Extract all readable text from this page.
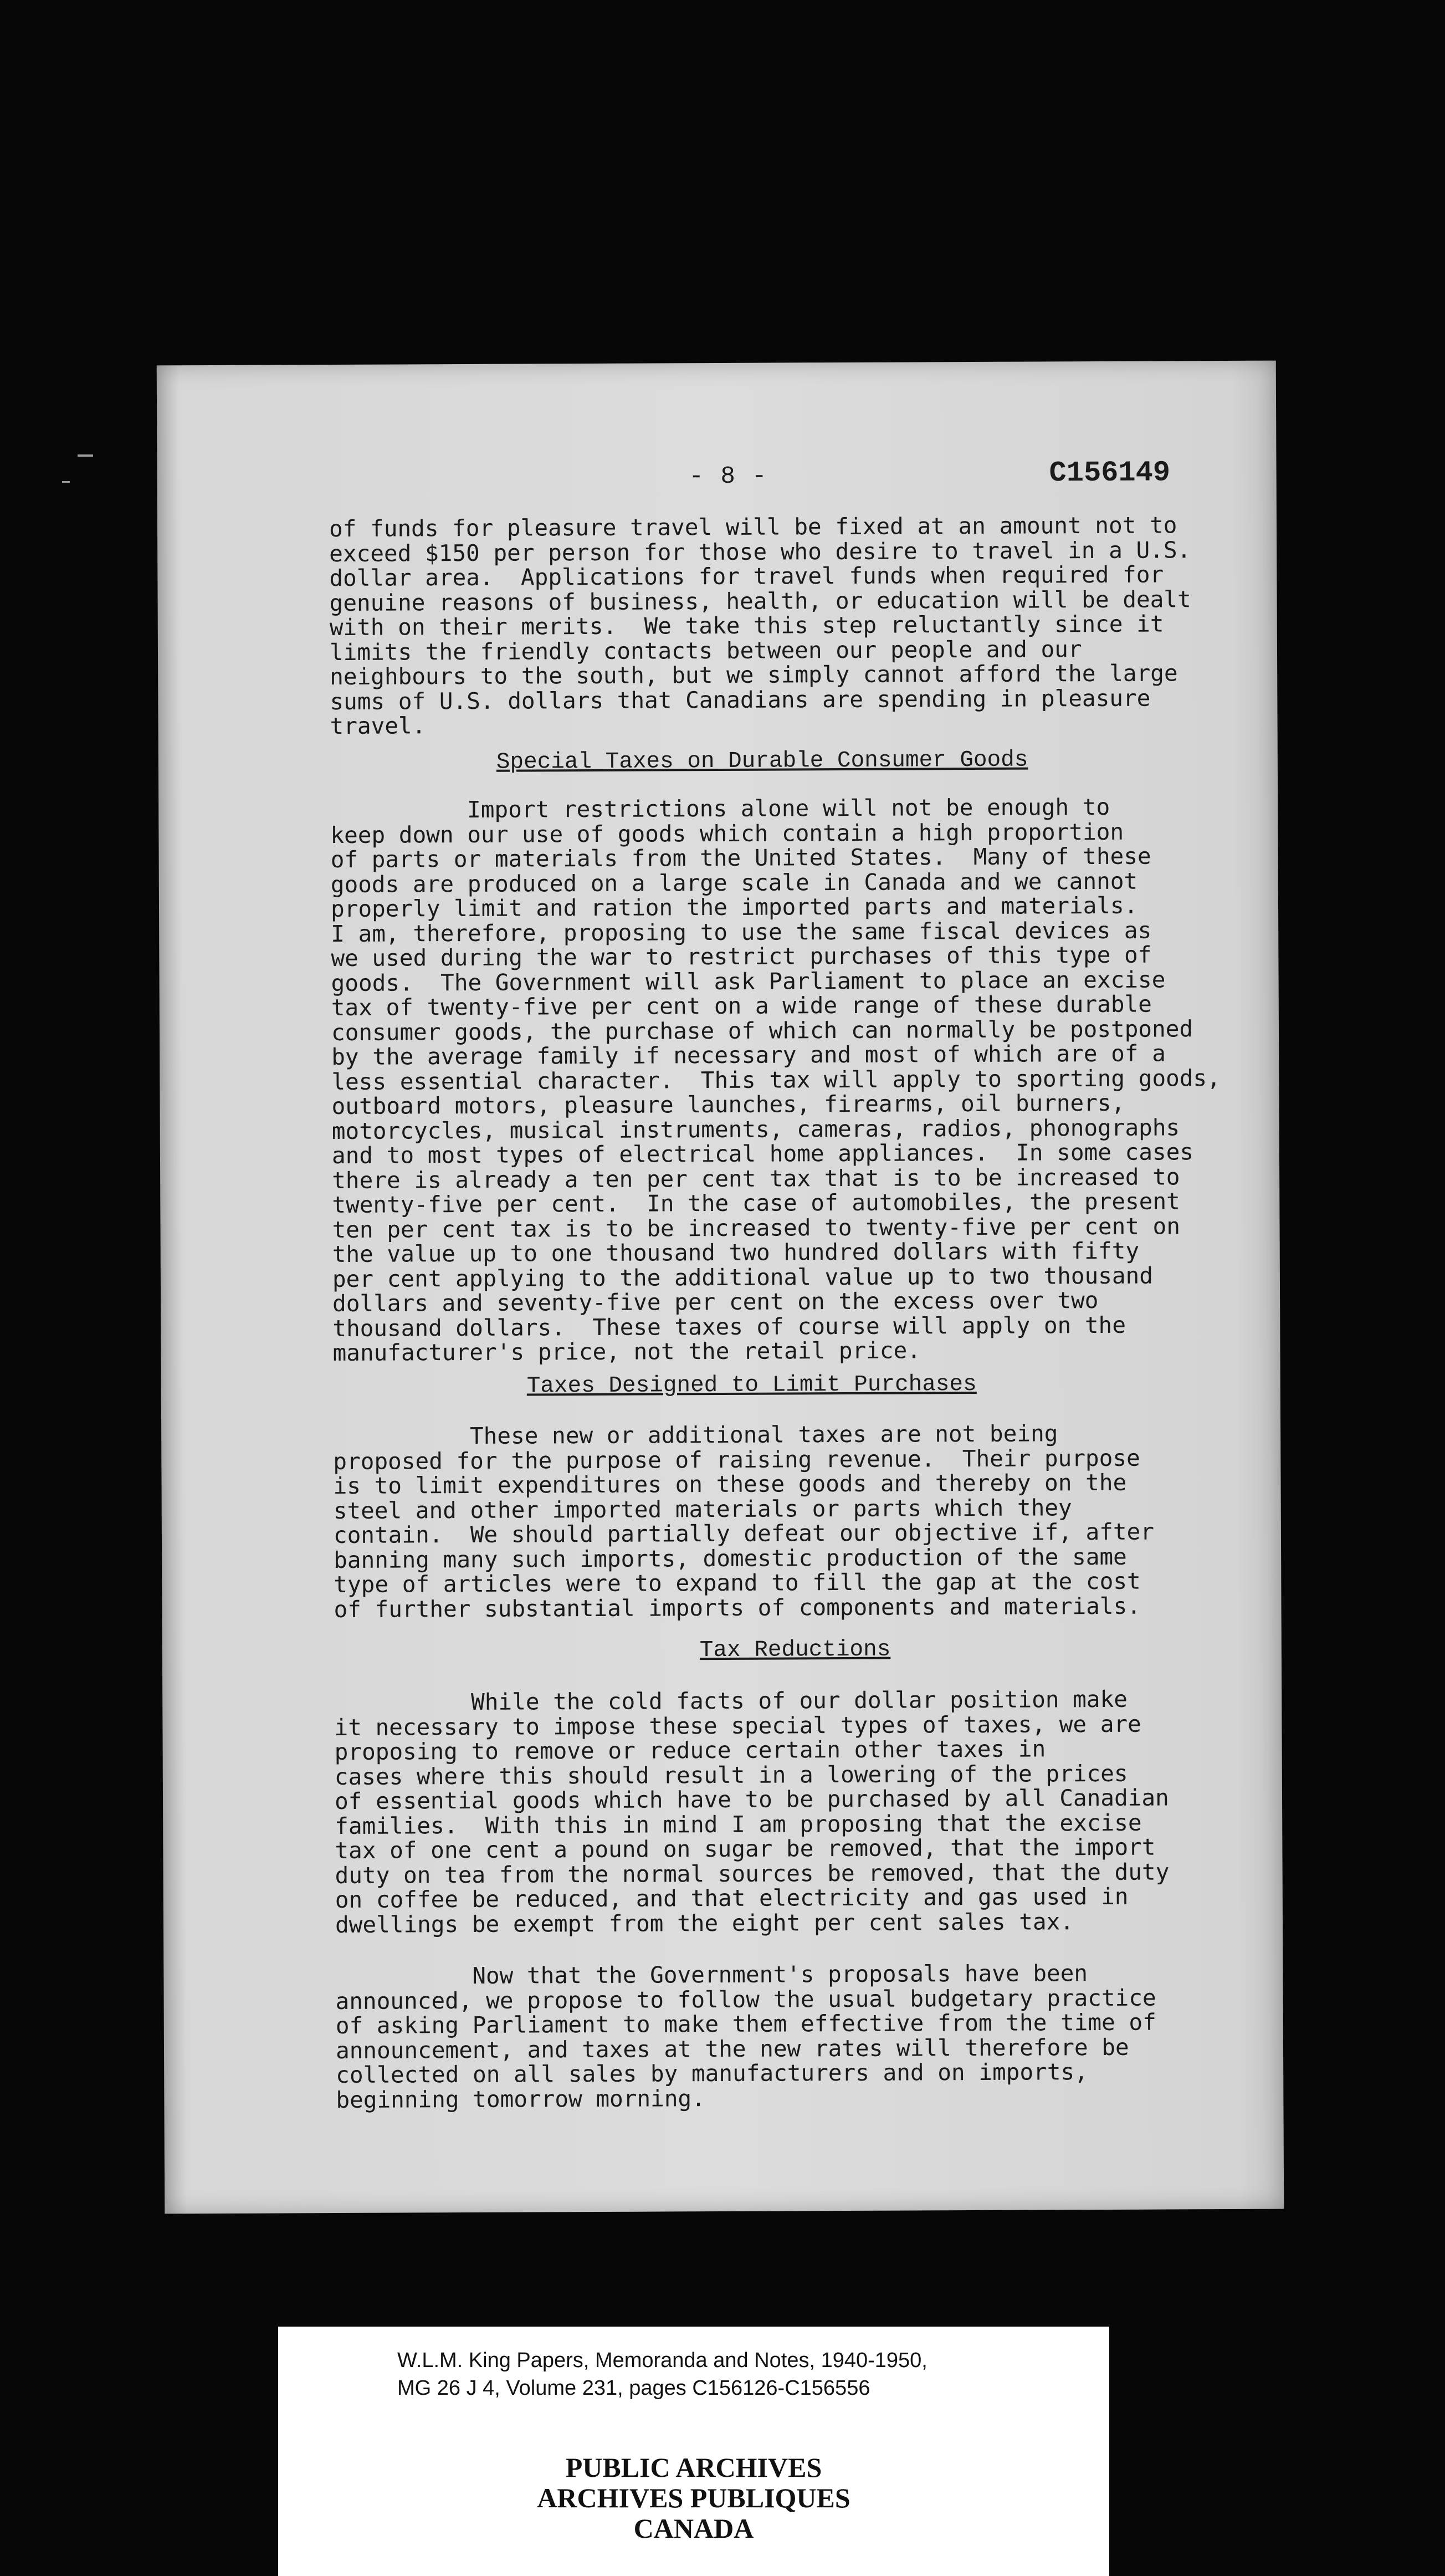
- 8 -	C156149
of funds for pleasure travel will be fixed at an amount not to
exceed $150 per person for those who desire to travel in a U.S.
dollar area.  Applications for travel funds when required for
genuine reasons of business, health, or education will be dealt
with on their merits.  We take this step reluctantly since it
limits the friendly contacts between our people and our
neighbours to the south, but we simply cannot afford the large
sums of U.S. dollars that Canadians are spending in pleasure
travel.
Special Taxes on Durable Consumer Goods
Import restrictions alone will not be enough to
keep down our use of goods which contain a high proportion
of parts or materials from the United States.  Many of these
goods are produced on a large scale in Canada and we cannot
properly limit and ration the imported parts and materials.
I am, therefore, proposing to use the same fiscal devices as
we used during the war to restrict purchases of this type of
goods.  The Government will ask Parliament to place an excise
tax of twenty-five per cent on a wide range of these durable
consumer goods, the purchase of which can normally be postponed
by the average family if necessary and most of which are of a
less essential character.  This tax will apply to sporting goods,
outboard motors, pleasure launches, firearms, oil burners,
motorcycles, musical instruments, cameras, radios, phonographs
and to most types of electrical home appliances.  In some cases
there is already a ten per cent tax that is to be increased to
twenty-five per cent.  In the case of automobiles, the present
ten per cent tax is to be increased to twenty-five per cent on
the value up to one thousand two hundred dollars with fifty
per cent applying to the additional value up to two thousand
dollars and seventy-five per cent on the excess over two
thousand dollars.  These taxes of course will apply on the
manufacturer's price, not the retail price.
Taxes Designed to Limit Purchases
These new or additional taxes are not being
proposed for the purpose of raising revenue.  Their purpose
is to limit expenditures on these goods and thereby on the
steel and other imported materials or parts which they
contain.  We should partially defeat our objective if, after
banning many such imports, domestic production of the same
type of articles were to expand to fill the gap at the cost
of further substantial imports of components and materials.
Tax Reductions
While the cold facts of our dollar position make
it necessary to impose these special types of taxes, we are
proposing to remove or reduce certain other taxes in
cases where this should result in a lowering of the prices
of essential goods which have to be purchased by all Canadian
families.  With this in mind I am proposing that the excise
tax of one cent a pound on sugar be removed, that the import
duty on tea from the normal sources be removed, that the duty
on coffee be reduced, and that electricity and gas used in
dwellings be exempt from the eight per cent sales tax.
Now that the Government's proposals have been
announced, we propose to follow the usual budgetary practice
of asking Parliament to make them effective from the time of
announcement, and taxes at the new rates will therefore be
collected on all sales by manufacturers and on imports,
beginning tomorrow morning.
W.L.M. King Papers, Memoranda and Notes, 1940-1950,
MG 26 J 4, Volume 231, pages C156126-C156556
PUBLIC ARCHIVES
ARCHIVES PUBLIQUES
CANADA
